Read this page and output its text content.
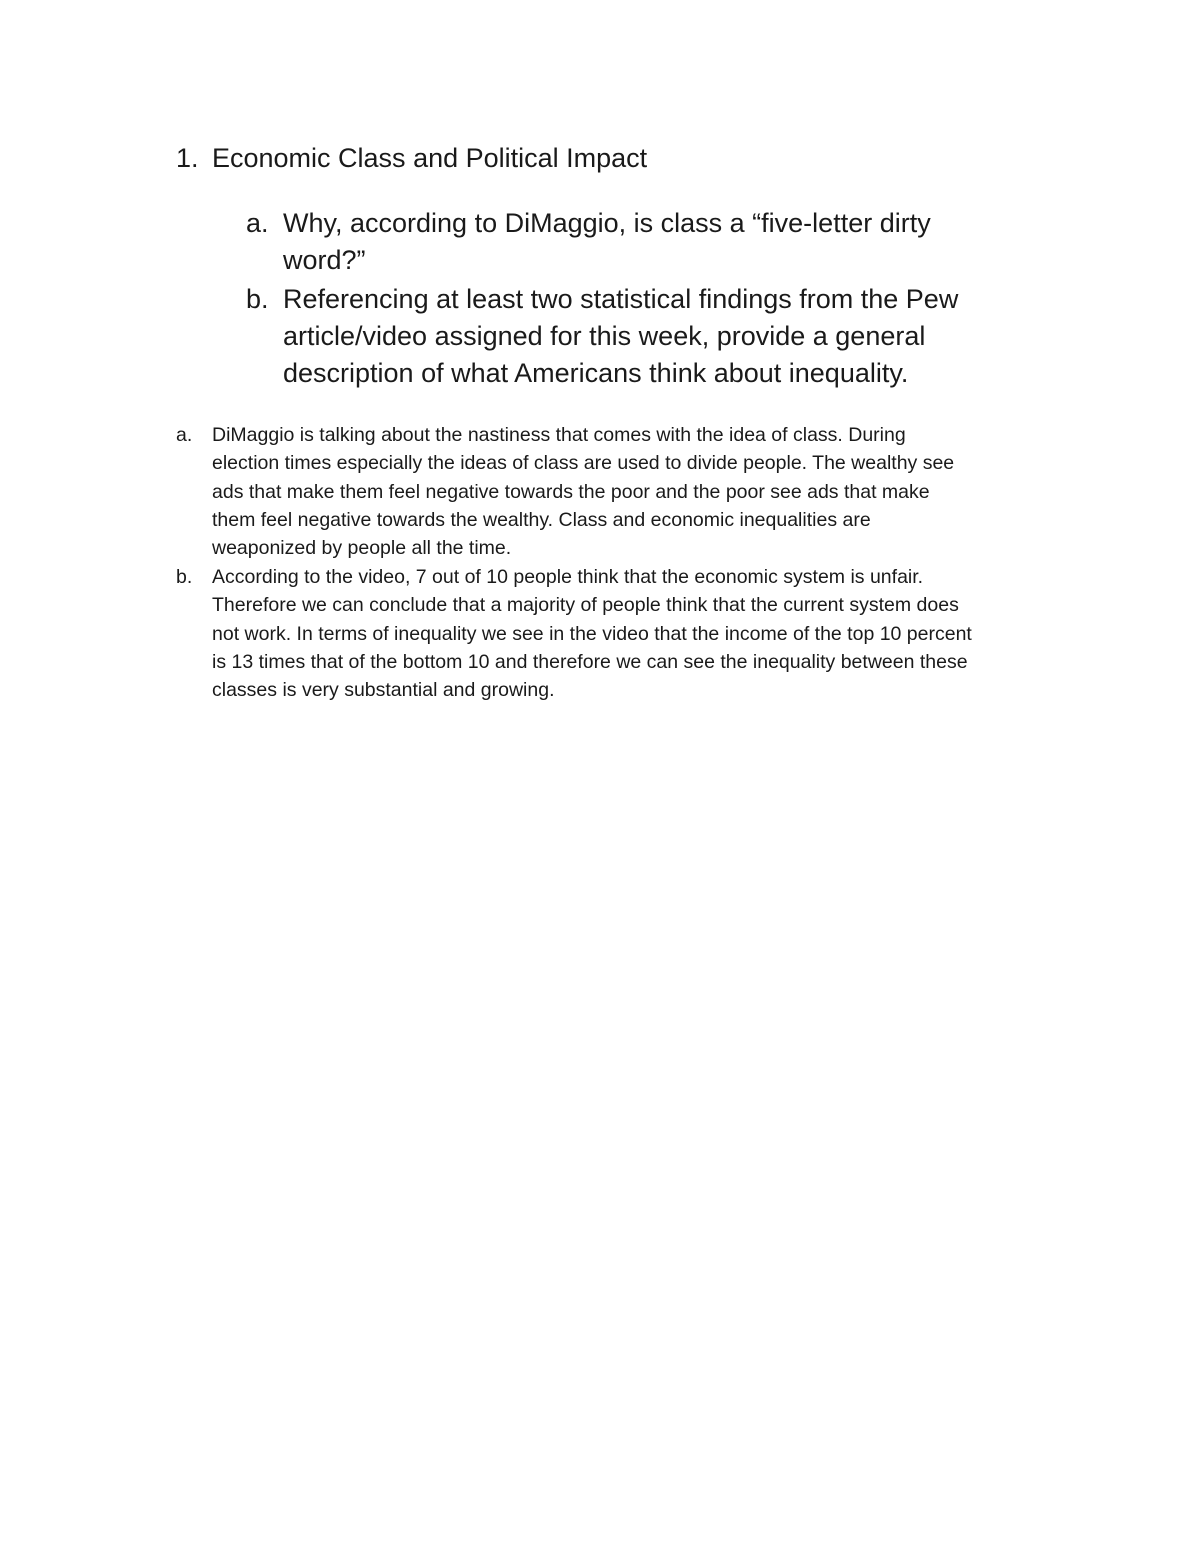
1. Economic Class and Political Impact
a. Why, according to DiMaggio, is class a “five-letter dirty
word?”
b. Referencing at least two statistical findings from the Pew
article/video assigned for this week, provide a general
description of what Americans think about inequality.
a.	DiMaggio is talking about the nastiness that comes with the idea of class. During
election times especially the ideas of class are used to divide people. The wealthy see
ads that make them feel negative towards the poor and the poor see ads that make
them feel negative towards the wealthy. Class and economic inequalities are
weaponized by people all the time.
b.	According to the video, 7 out of 10 people think that the economic system is unfair.
Therefore we can conclude that a majority of people think that the current system does
not work. In terms of inequality we see in the video that the income of the top 10 percent
is 13 times that of the bottom 10 and therefore we can see the inequality between these
classes is very substantial and growing.
